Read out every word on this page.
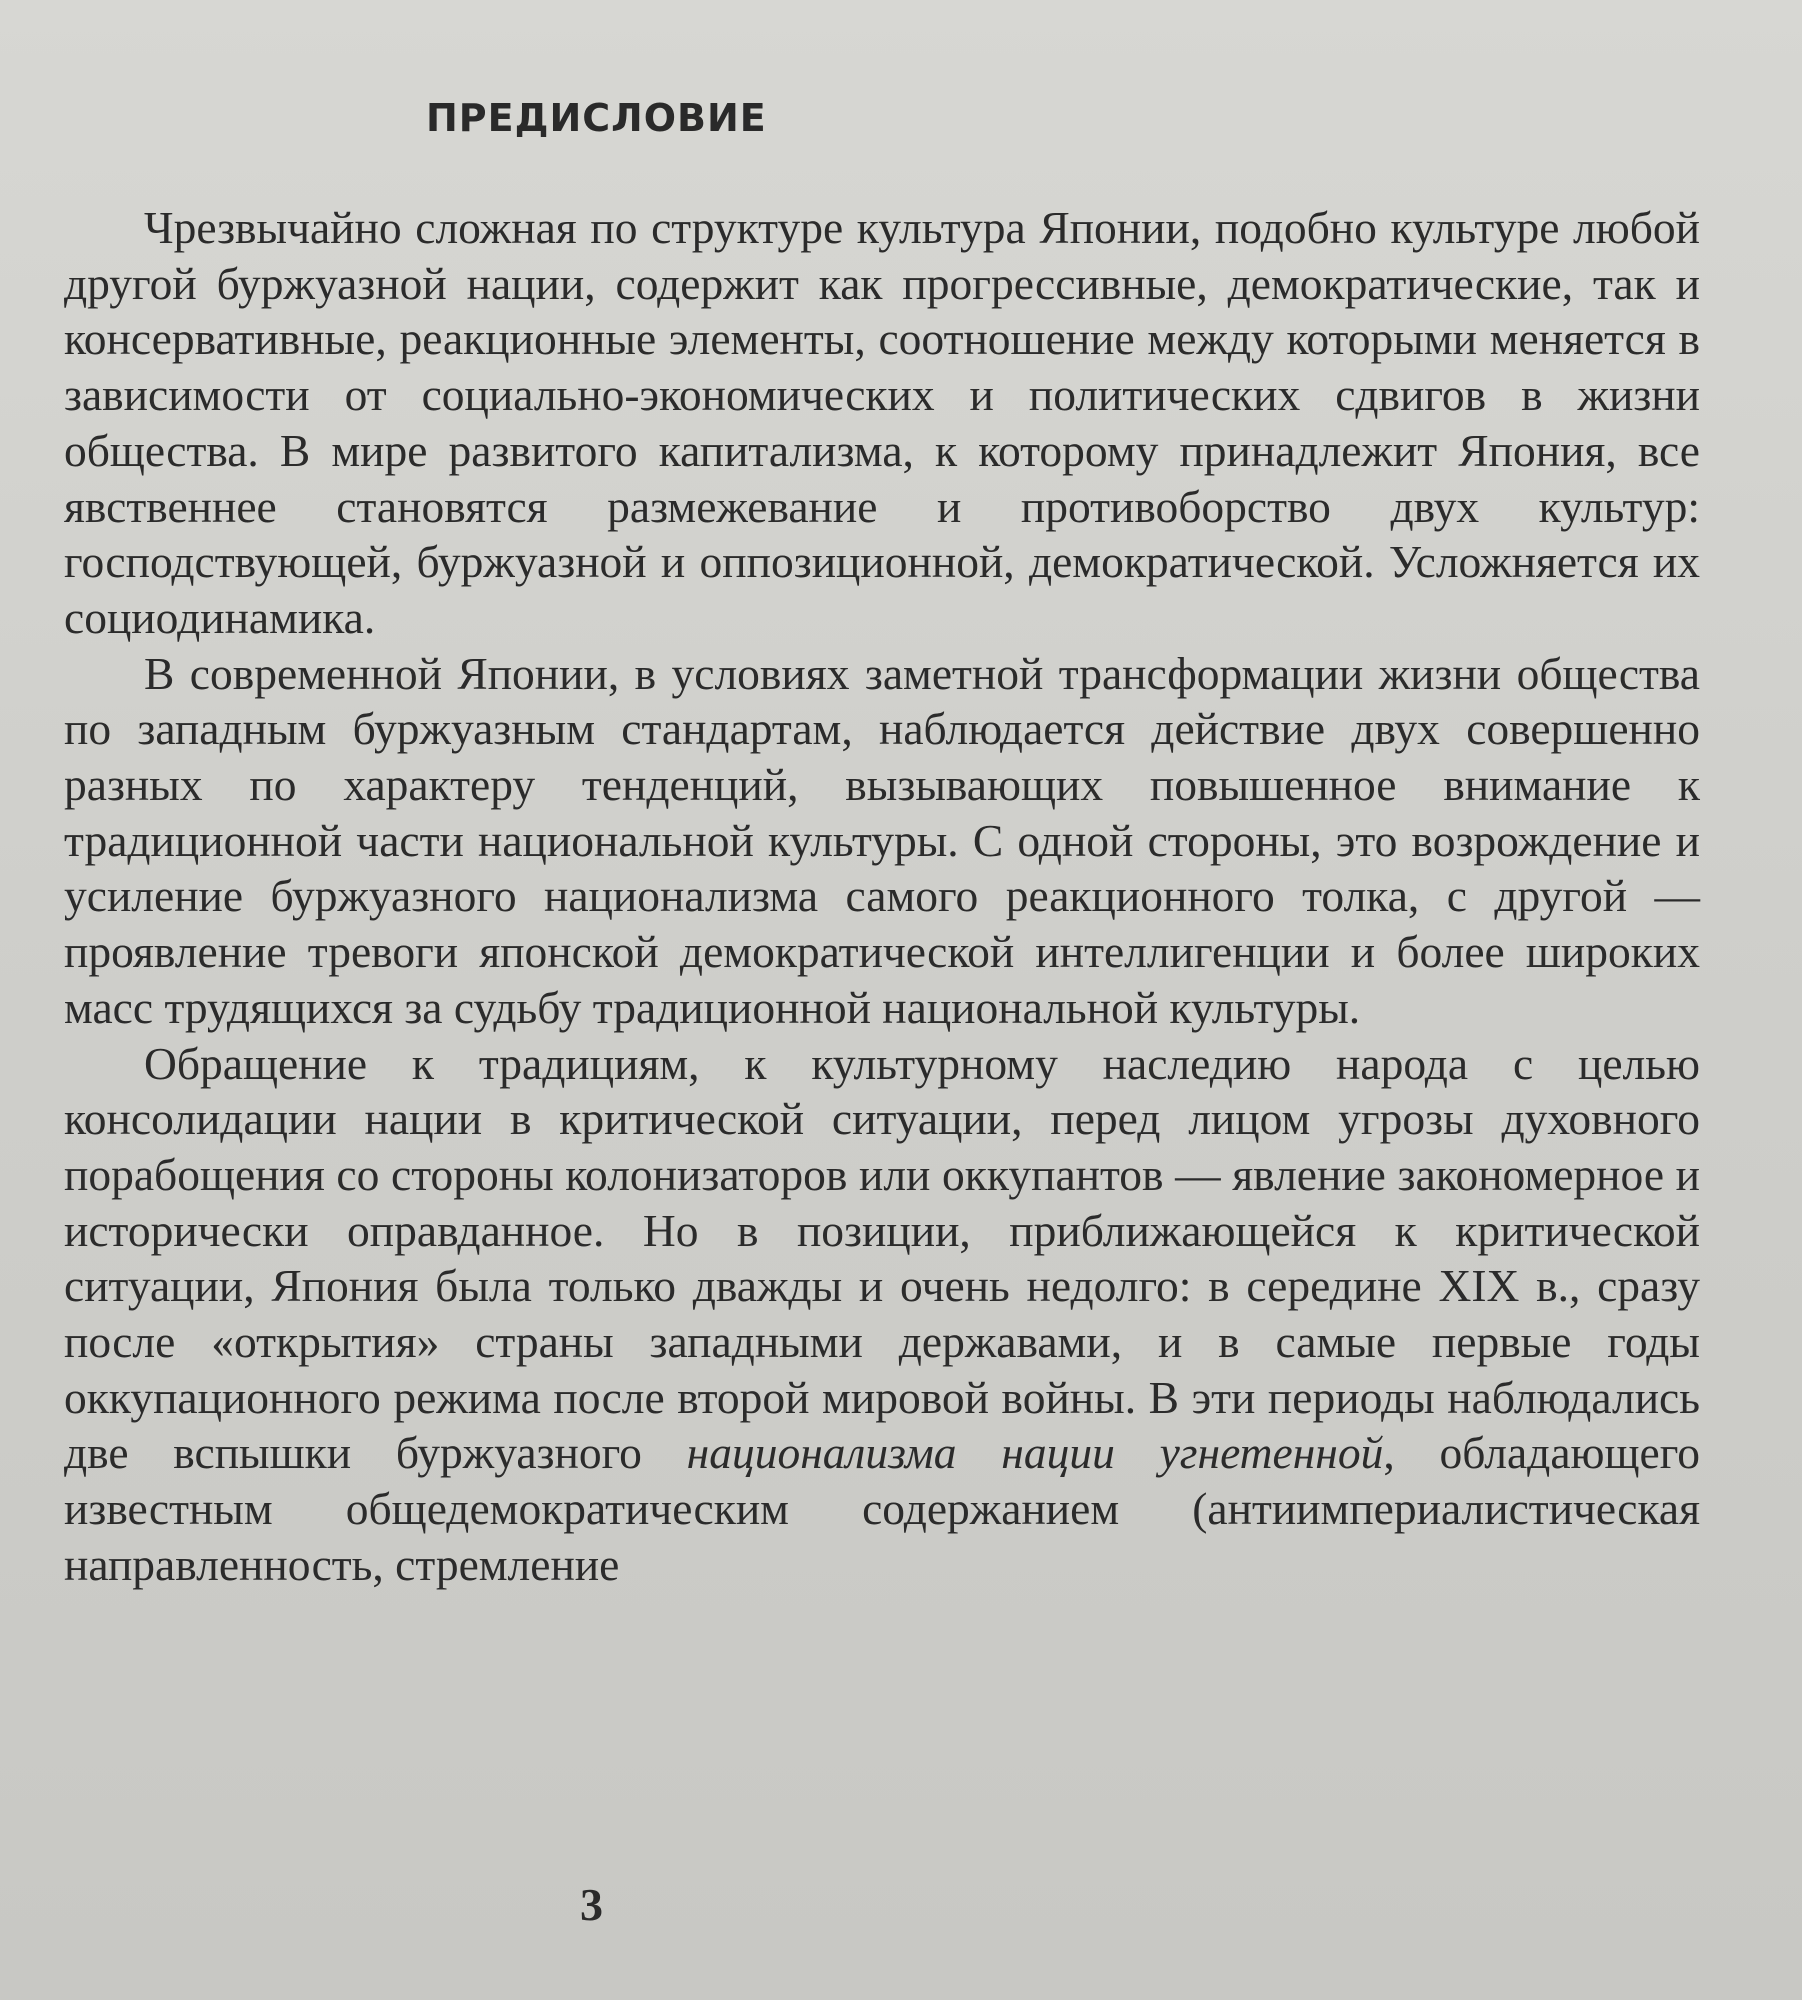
ПРЕДИСЛОВИЕ

Чрезвычайно сложная по структуре культура Японии, подобно культуре любой другой буржуазной нации, содержит как прогрессивные, демократические, так и консервативные, реакционные элементы, соотношение между которыми меняется в зависимости от социально-экономических и политических сдвигов в жизни общества. В мире развитого капитализма, к которому принадлежит Япония, все явственнее становятся размежевание и противоборство двух культур: господствующей, буржуазной и оппозиционной, демократической. Усложняется их социодинамика.

В современной Японии, в условиях заметной трансформации жизни общества по западным буржуазным стандартам, наблюдается действие двух совершенно разных по характеру тенденций, вызывающих повышенное внимание к традиционной части национальной культуры. С одной стороны, это возрождение и усиление буржуазного национализма самого реакционного толка, с другой — проявление тревоги японской демократической интеллигенции и более широких масс трудящихся за судьбу традиционной национальной культуры.

Обращение к традициям, к культурному наследию народа с целью консолидации нации в критической ситуации, перед лицом угрозы духовного порабощения со стороны колонизаторов или оккупантов — явление закономерное и исторически оправданное. Но в позиции, приближающейся к критической ситуации, Япония была только дважды и очень недолго: в середине XIX в., сразу после «открытия» страны западными державами, и в самые первые годы оккупационного режима после второй мировой войны. В эти периоды наблюдались две вспышки буржуазного национализма нации угнетенной, обладающего известным общедемократическим содержанием (антиимпериалистическая направленность, стремление

3
